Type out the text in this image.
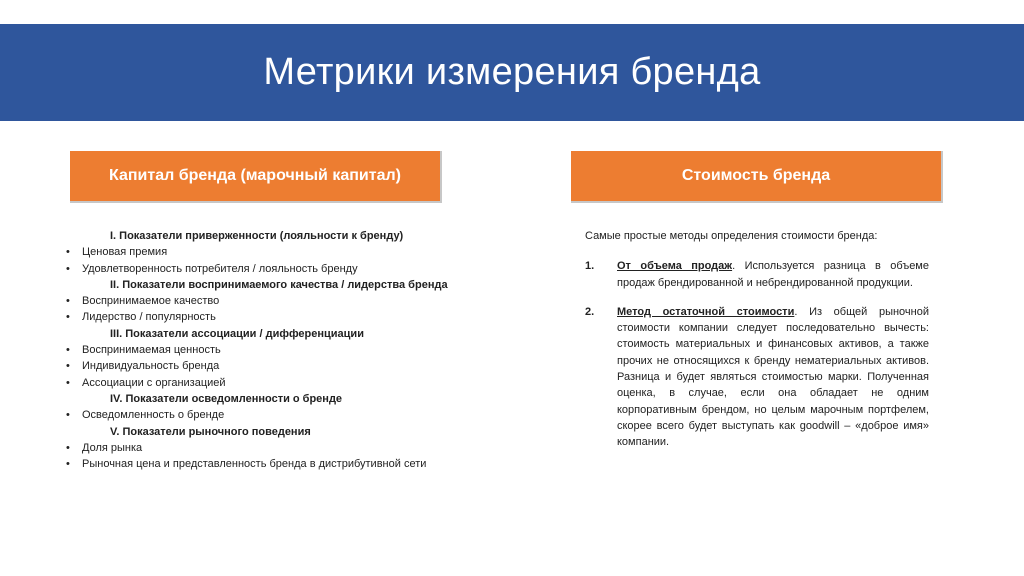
Метрики измерения бренда
Капитал бренда (марочный капитал)	Стоимость бренда
I. Показатели приверженности (лояльности к бренду)
• Ценовая премия
• Удовлетворенность потребителя / лояльность бренду
II. Показатели воспринимаемого качества / лидерства бренда
• Воспринимаемое качество
• Лидерство / популярность
III. Показатели ассоциации / дифференциации
• Воспринимаемая ценность
• Индивидуальность бренда
• Ассоциации с организацией
IV. Показатели осведомленности о бренде
• Осведомленность о бренде
V. Показатели рыночного поведения
• Доля рынка
• Рыночная цена и представленность бренда в дистрибутивной сети

Самые простые методы определения стоимости бренда:

1. От объема продаж. Используется разница в объеме продаж брендированной и небрендированной продукции.
2. Метод остаточной стоимости. Из общей рыночной стоимости компании следует последовательно вычесть: стоимость материальных и финансовых активов, а также прочих не относящихся к бренду нематериальных активов. Разница и будет являться стоимостью марки. Полученная оценка, в случае, если она обладает не одним корпоративным брендом, но целым марочным портфелем, скорее всего будет выступать как goodwill – «доброе имя» компании.
